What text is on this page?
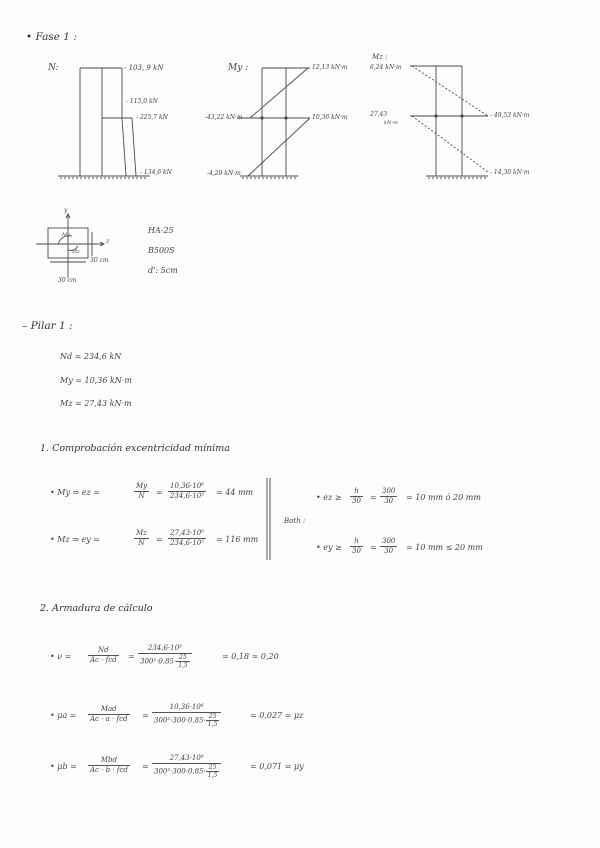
• Fase 1 :
N:	- 103, 9 kN
- 115,0 kN
- 225,7 kN
- 134,6 kN
My :	12,13 kN·m
-43,22 kN·m	10,36 kN·m
-4,29 kN·m
Mz :
6,24 kN·m
27,43
kN·m
- 49,53 kN·m
- 14,30 kN·m
y
z
My
Mz
30 cm
30 cm
HA-25
B500S
d': 5cm
– Pilar 1 :
Nd = 234,6 kN
My = 10,36 kN·m
Mz = 27,43 kN·m
1. Comprobación excentricidad mínima
• My ⇒ ez =	$\frac{My}{N} = \frac{\text{10,36·10⁶}}{\text{234,6·10³}} = 44$ mm
• Mz ⇒ ey =	$\frac{Mz}{N} = \frac{\text{27,43·10⁶}}{\text{234,6·10³}} = 116$ mm
Both :
• ez ≥ $\frac{h}{30} = \frac{300}{30} = 10$ mm ó 20 mm
• ey ≥ $\frac{h}{30} = \frac{300}{30} = 10$ mm ≤ 20 mm
2. Armadura de cálculo
• ν =
Nd
Ac · fcd = $\frac{\text{234,6·10³}}{300^2\cdot 0,85\cdot \frac{25}{1,5}}$	= 0,18 ≈ 0,20
• μa =
Mad
Ac · a · fcd = $\frac{\text{10,36·10⁶}}{300^2\cdot 300\cdot 0,85\cdot \frac{25}{1,5}}$	= 0,027 = μz
• μb =
Mbd
Ac · b · fcd = $\frac{\text{27,43·10⁶}}{300^2\cdot 300\cdot 0,85\cdot \frac{25}{1,5}}$	= 0,071 = μy
